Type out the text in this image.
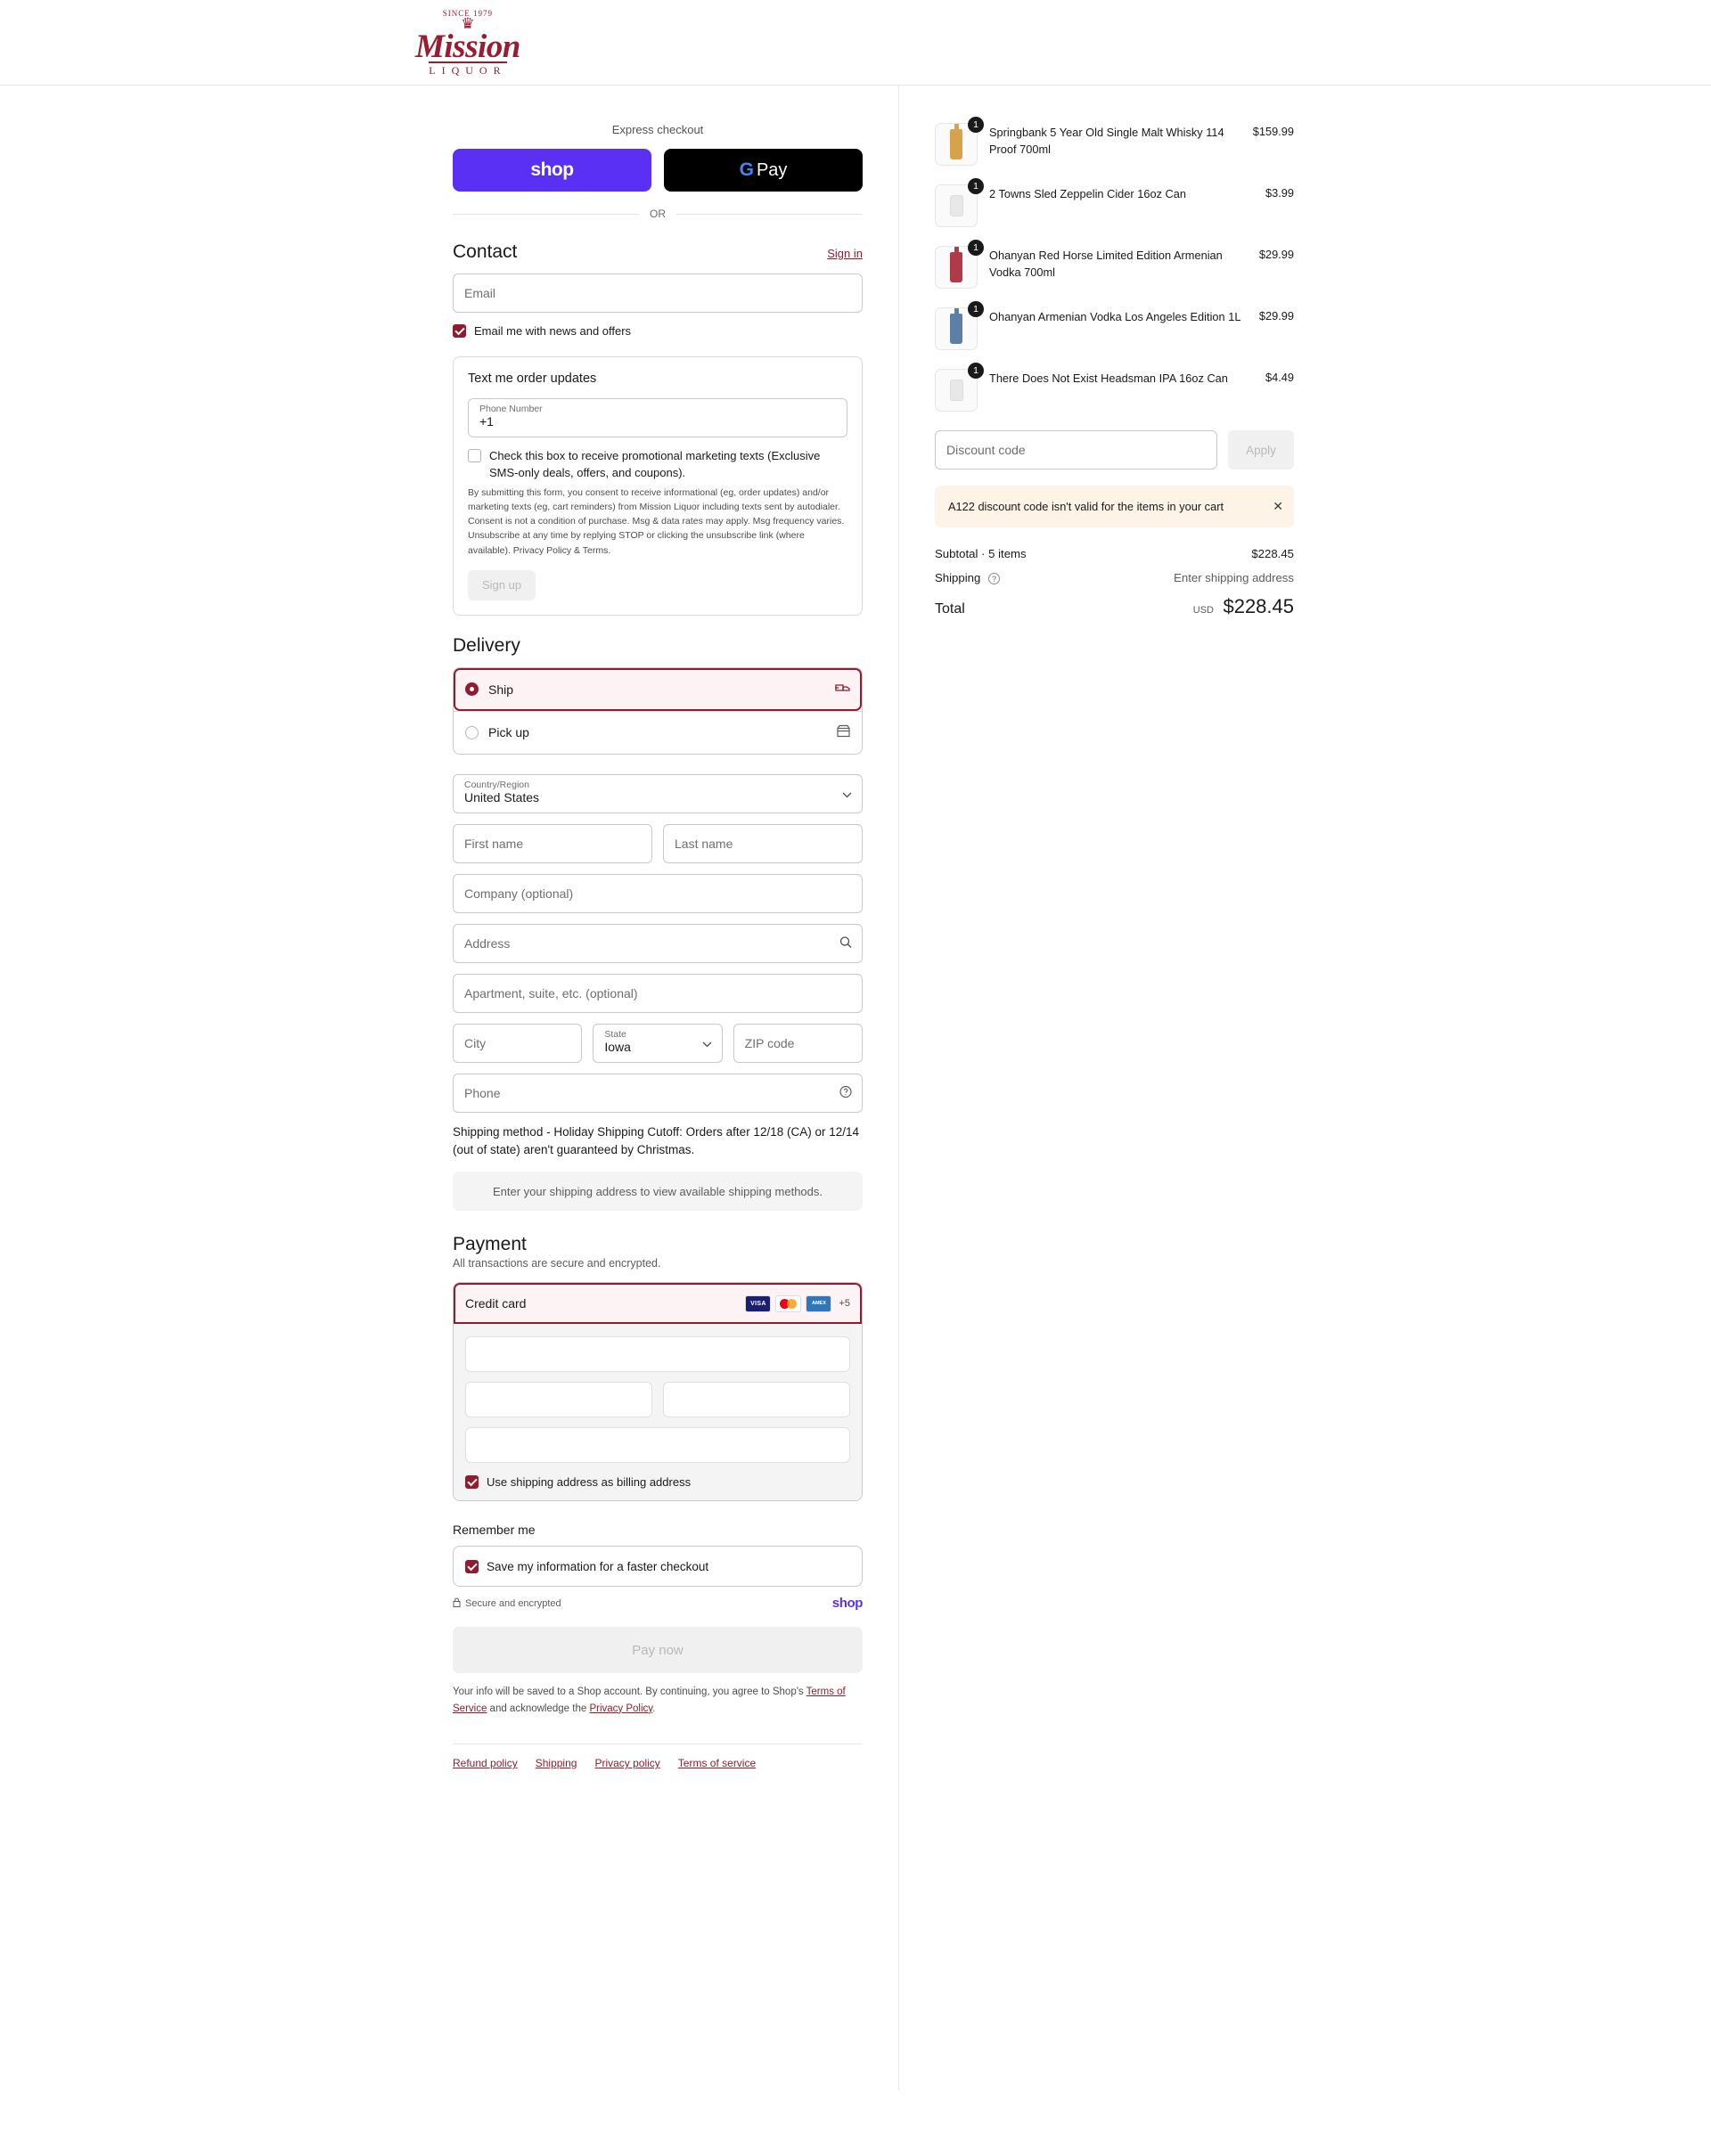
SINCE 1979
♛
Mission
LIQUOR
Express checkout
shop	G Pay
OR
Contact	Sign in
Email
Email me with news and offers
Text me order updates
Phone Number
+1
Check this box to receive promotional marketing texts (Exclusive SMS-only deals, offers, and coupons).
By submitting this form, you consent to receive informational (eg, order updates) and/or marketing texts (eg, cart reminders) from Mission Liquor including texts sent by autodialer. Consent is not a condition of purchase. Msg & data rates may apply. Msg frequency varies. Unsubscribe at any time by replying STOP or clicking the unsubscribe link (where available). Privacy Policy & Terms.
Sign up
Delivery
Ship
Pick up
Country/Region
United States
First name	Last name
Company (optional)
Address
Apartment, suite, etc. (optional)
City
State
Iowa	ZIP code
Phone
Shipping method - Holiday Shipping Cutoff: Orders after 12/18 (CA) or 12/14 (out of state) aren't guaranteed by Christmas.
Enter your shipping address to view available shipping methods.
Payment
All transactions are secure and encrypted.
Credit card	VISA	AMEX	+5
Use shipping address as billing address
Remember me
Save my information for a faster checkout
Secure and encrypted	shop
Pay now
Your info will be saved to a Shop account. By continuing, you agree to Shop's Terms of Service and acknowledge the Privacy Policy.
Refund policy Shipping Privacy policy Terms of service
1
Springbank 5 Year Old Single Malt Whisky 114 Proof 700ml
$159.99
1
2 Towns Sled Zeppelin Cider 16oz Can	$3.99
1
Ohanyan Red Horse Limited Edition Armenian Vodka 700ml
$29.99
1
Ohanyan Armenian Vodka Los Angeles Edition 1L	$29.99
1
There Does Not Exist Headsman IPA 16oz Can	$4.49
Discount code	Apply
A122 discount code isn't valid for the items in your cart	✕
Subtotal · 5 items	$228.45
Shipping ?	Enter shipping address
Total	USD $228.45
